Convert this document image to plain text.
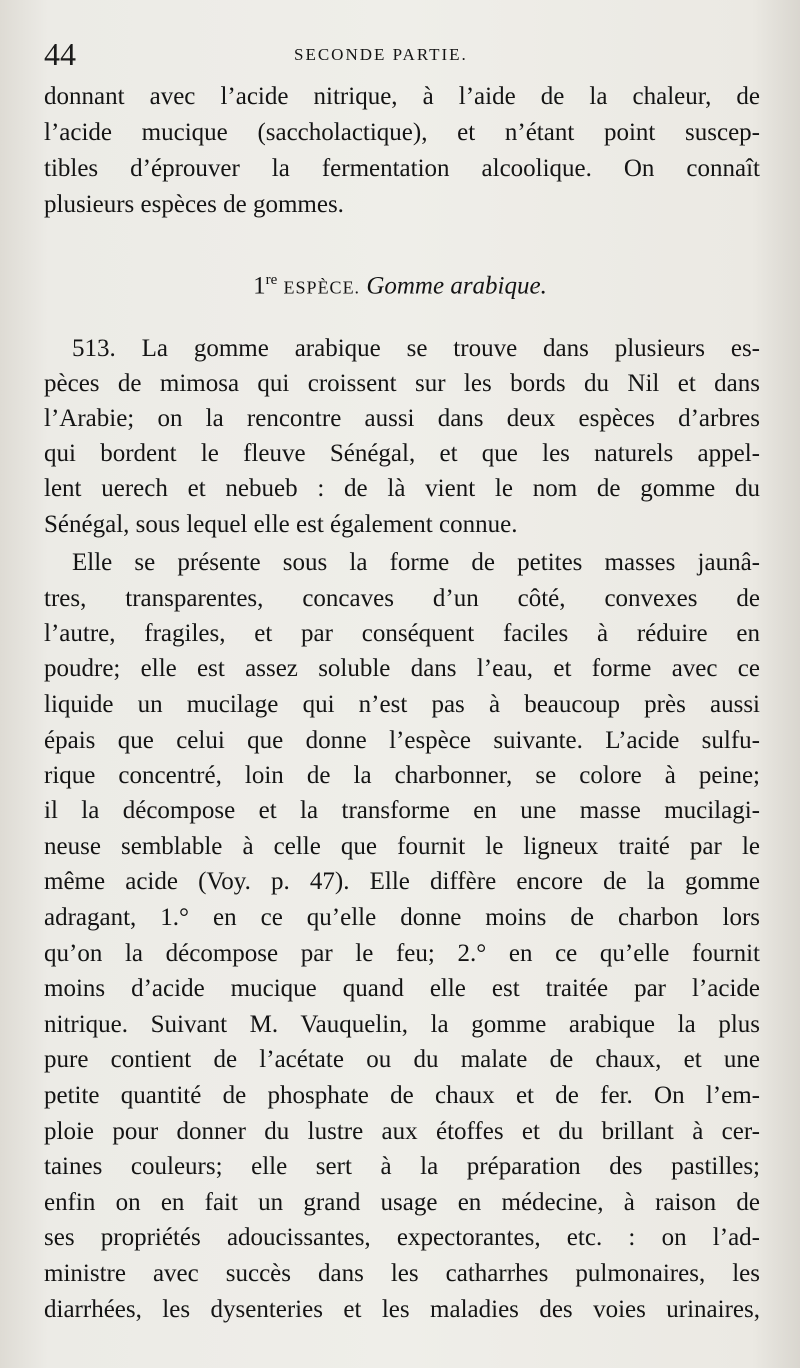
44	SECONDE PARTIE.
donnant avec l’acide nitrique, à l’aide de la chaleur, de
l’acide mucique (saccholactique), et n’étant point suscep-
tibles d’éprouver la fermentation alcoolique. On connaît
plusieurs espèces de gommes.
1re ESPÈCE. Gomme arabique.
513. La gomme arabique se trouve dans plusieurs es-
pèces de mimosa qui croissent sur les bords du Nil et dans
l’Arabie; on la rencontre aussi dans deux espèces d’arbres
qui bordent le fleuve Sénégal, et que les naturels appel-
lent uerech et nebueb : de là vient le nom de gomme du
Sénégal, sous lequel elle est également connue.
Elle se présente sous la forme de petites masses jaunâ-
tres, transparentes, concaves d’un côté, convexes de
l’autre, fragiles, et par conséquent faciles à réduire en
poudre; elle est assez soluble dans l’eau, et forme avec ce
liquide un mucilage qui n’est pas à beaucoup près aussi
épais que celui que donne l’espèce suivante. L’acide sulfu-
rique concentré, loin de la charbonner, se colore à peine;
il la décompose et la transforme en une masse mucilagi-
neuse semblable à celle que fournit le ligneux traité par le
même acide (Voy. p. 47). Elle diffère encore de la gomme
adragant, 1.° en ce qu’elle donne moins de charbon lors
qu’on la décompose par le feu; 2.° en ce qu’elle fournit
moins d’acide mucique quand elle est traitée par l’acide
nitrique. Suivant M. Vauquelin, la gomme arabique la plus
pure contient de l’acétate ou du malate de chaux, et une
petite quantité de phosphate de chaux et de fer. On l’em-
ploie pour donner du lustre aux étoffes et du brillant à cer-
taines couleurs; elle sert à la préparation des pastilles;
enfin on en fait un grand usage en médecine, à raison de
ses propriétés adoucissantes, expectorantes, etc. : on l’ad-
ministre avec succès dans les catharrhes pulmonaires, les
diarrhées, les dysenteries et les maladies des voies urinaires,
